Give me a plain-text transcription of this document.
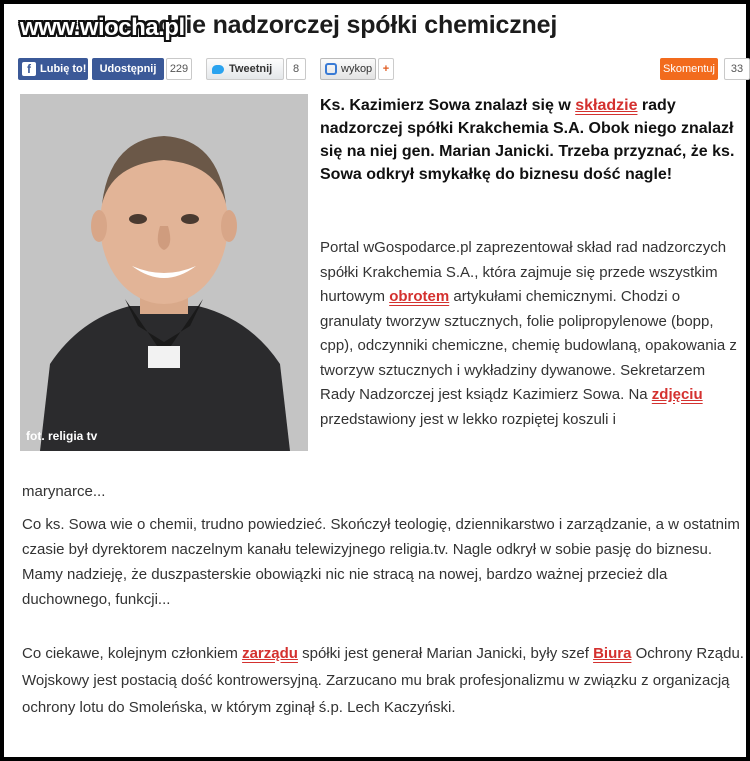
dzie nadzorczej spółki chemicznej
www.wiocha.pl
f Lubię to!	Udostępnij	229	Tweetnij	8	wykop +	Skomentuj	33
fot. religia tv
Ks. Kazimierz Sowa znalazł się w składzie rady nadzorczej spółki Krakchemia S.A. Obok niego znalazł się na niej gen. Marian Janicki. Trzeba przyznać, że ks. Sowa odkrył smykałkę do biznesu dość nagle!
Portal wGospodarce.pl zaprezentował skład rad nadzorczych spółki Krakchemia S.A., która zajmuje się przede wszystkim hurtowym obrotem artykułami chemicznymi. Chodzi o granulaty tworzyw sztucznych, folie polipropylenowe (bopp, cpp), odczynniki chemiczne, chemię budowlaną, opakowania z tworzyw sztucznych i wykładziny dywanowe. Sekretarzem Rady Nadzorczej jest ksiądz Kazimierz Sowa. Na zdjęciu przedstawiony jest w lekko rozpiętej koszuli i
marynarce...
Co ks. Sowa wie o chemii, trudno powiedzieć. Skończył teologię, dziennikarstwo i zarządzanie, a w ostatnim czasie był dyrektorem naczelnym kanału telewizyjnego religia.tv. Nagle odkrył w sobie pasję do biznesu. Mamy nadzieję, że duszpasterskie obowiązki nic nie stracą na nowej, bardzo ważnej przecież dla duchownego, funkcji...
Co ciekawe, kolejnym członkiem zarządu spółki jest generał Marian Janicki, były szef Biura Ochrony Rządu. Wojskowy jest postacią dość kontrowersyjną. Zarzucano mu brak profesjonalizmu w związku z organizacją ochrony lotu do Smoleńska, w którym zginął ś.p. Lech Kaczyński.
